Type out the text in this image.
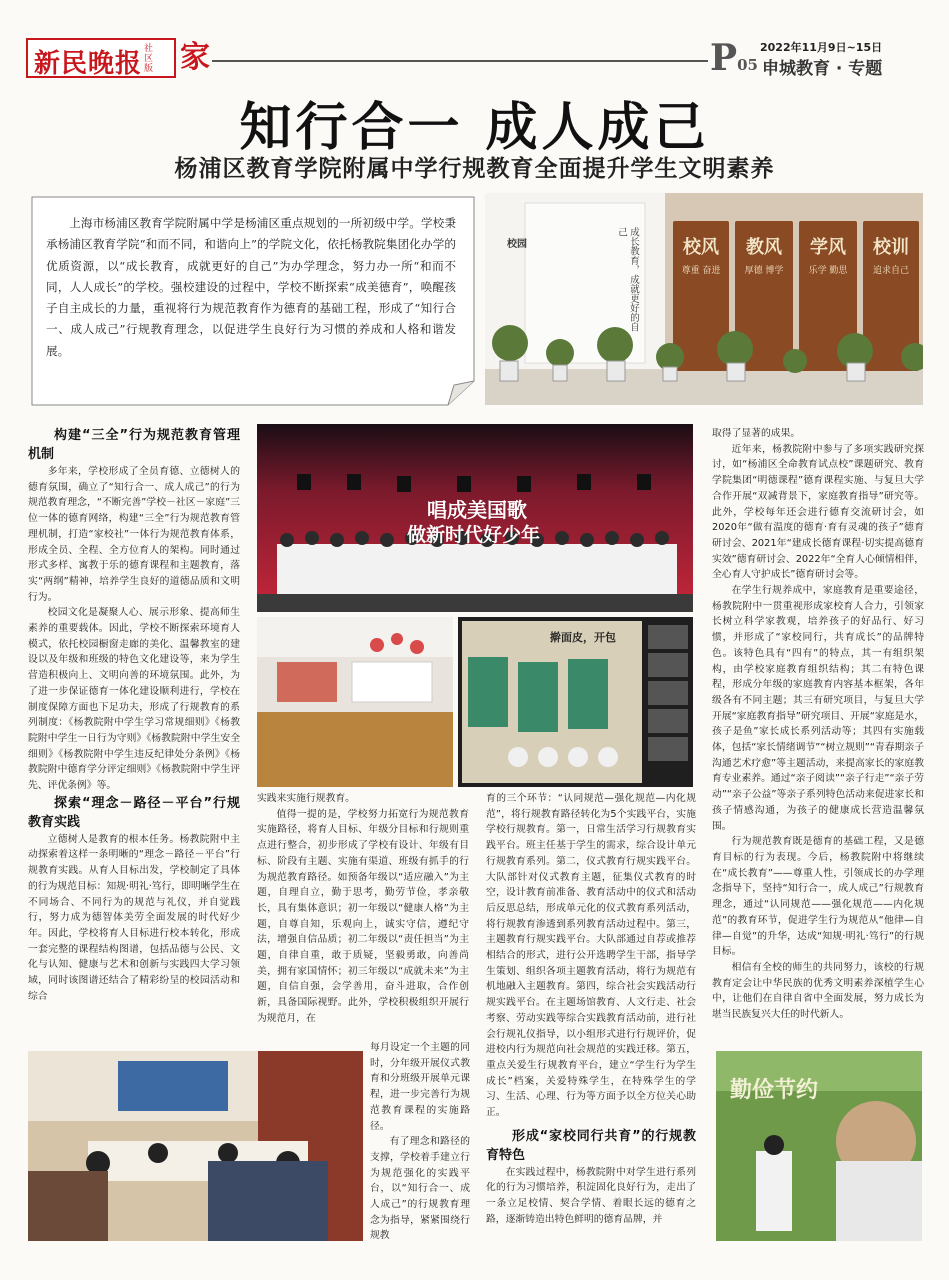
新民晚报 社区版 家	P05
2022年11月9日~15日
申城教育 · 专题
知行合一 成人成己
杨浦区教育学院附属中学行规教育全面提升学生文明素养
上海市杨浦区教育学院附属中学是杨浦区重点规划的一所初级中学。学校秉承杨浦区教育学院“和而不同，和谐向上”的学院文化，依托杨教院集团化办学的优质资源，以“成长教育，成就更好的自己”为办学理念，努力办一所“和而不同，人人成长”的学校。强校建设的过程中，学校不断探索“成美德育”，唤醒孩子自主成长的力量，重视将行为规范教育作为德育的基础工程，形成了“知行合一、成人成己”行规教育理念，以促进学生良好行为习惯的养成和人格和谐发展。
校园	成长教育，成就更好的自己
校风	教风	学风	校训
尊重 奋进	厚德 博学	乐学 勤思	追求自己
唱成美国歌
做新时代好少年
擀面皮，开包
勤俭节约
构建“三全”行为规范教育管理机制

多年来，学校形成了全员育德、立德树人的德育氛围，确立了“知行合一、成人成己”的行为规范教育理念，“不断完善”学校－社区－家庭”三位一体的德育网络，构建“三全”行为规范教育管理机制，打造“家校社”一体行为规范教育体系，形成全员、全程、全方位育人的架构。同时通过形式多样、寓教于乐的德育课程和主题教育，落实“两纲”精神，培养学生良好的道德品质和文明行为。

校园文化是凝聚人心、展示形象、提高师生素养的重要载体。因此，学校不断探索环境育人模式，依托校园橱窗走廊的美化、温馨教室的建设以及年级和班级的特色文化建设等，来为学生营造积极向上、文明向善的环境氛围。此外，为了进一步保证德育一体化建设顺利进行，学校在制度保障方面也下足功夫，形成了行规教育的系列制度：《杨教院附中学生学习常规细则》《杨教院附中学生一日行为守则》《杨教院附中学生安全细则》《杨教院附中学生违反纪律处分条例》《杨教院附中德育学分评定细则》《杨教院附中学生评先、评优条例》等。

探索“理念－路径－平台”行规教育实践

立德树人是教育的根本任务。杨教院附中主动探索着这样一条明晰的“理念－路径－平台”行规教育实践。从育人目标出发，学校制定了具体的行为规范目标：知规·明礼·笃行，即明晰学生在不同场合、不同行为的规范与礼仪，并自觉践行，努力成为德智体美劳全面发展的时代好少年。因此，学校将育人目标进行校本转化，形成一套完整的课程结构图谱，包括品德与公民、文化与认知、健康与艺术和创新与实践四大学习领域，同时该图谱还结合了精彩纷呈的校园活动和综合

实践来实施行规教育。

值得一提的是，学校努力拓宽行为规范教育实施路径，将育人目标、年级分目标和行规则重点进行整合，初步形成了学校有设计、年级有目标、阶段有主题、实施有渠道、班级有抓手的行为规范教育路径。如预备年级以“适应融入”为主题，自理自立，勤于思考，勤劳节俭，孝亲敬长，具有集体意识；初一年级以“健康人格”为主题，自尊自知，乐观向上，诚实守信，遵纪守法，增强自信品质；初二年级以“责任担当”为主题，自律自重，敢于质疑，坚毅勇敢，向善尚美，拥有家国情怀；初三年级以“成就未来”为主题，自信自强，会学善用，奋斗进取，合作创新，具备国际视野。此外，学校积极组织开展行为规范月，在

每月设定一个主题的同时，分年级开展仪式教育和分班级开展单元课程，进一步完善行为规范教育课程的实施路径。

有了理念和路径的支撑，学校着手建立行为规范强化的实践平台，以“知行合一、成人成己”的行规教育理念为指导，紧紧围绕行规教

育的三个环节：“认同规范—强化规范—内化规范”，将行规教育路径转化为5个实践平台，实施学校行规教育。第一，日常生活学习行规教育实践平台。班主任基于学生的需求，综合设计单元行规教育系列。第二，仪式教育行规实践平台。大队部针对仪式教育主题，征集仪式教育的时空，设计教育前准备、教育活动中的仪式和活动后反思总结，形成单元化的仪式教育系列活动，将行规教育渗透到系列教育活动过程中。第三，主题教育行规实践平台。大队部通过自荐或推荐相结合的形式，进行公开选聘学生干部，指导学生策划、组织各项主题教育活动，将行为规范有机地融入主题教育。第四，综合社会实践活动行规实践平台。在主题场馆教育、人文行走、社会考察、劳动实践等综合实践教育活动前，进行社会行规礼仪指导，以小组形式进行行规评价，促进校内行为规范向社会规范的实践迁移。第五，重点关爱生行规教育平台，建立“学生行为学生成长”档案，关爱特殊学生，在特殊学生的学习、生活、心理、行为等方面予以全方位关心助正。

形成“家校同行共育”的行规教育特色

在实践过程中，杨教院附中对学生进行系列化的行为习惯培养，积淀固化良好行为，走出了一条立足校情、契合学情、着眼长远的德育之路，逐渐铸造出特色鲜明的德育品牌，并

取得了显著的成果。

近年来，杨教院附中参与了多项实践研究探讨，如“杨浦区全命教育试点校”课题研究、教育学院集团“明德课程”德育课程实施、与复旦大学合作开展“双减背景下，家庭教育指导”研究等。此外，学校每年还会进行德育交流研讨会，如2020年“做有温度的德育·育有灵魂的孩子”德育研讨会、2021年“建成长德育课程·切实提高德育实效”德育研讨会、2022年“全育人心倾情相伴，全心育人守护成长”德育研讨会等。

在学生行规养成中，家庭教育是重要途径，杨教院附中一贯重视形成家校育人合力，引领家长树立科学家教观，培养孩子的好品行、好习惯，并形成了“家校同行，共育成长”的品牌特色。该特色具有“四有”的特点，其一有组织架构，由学校家庭教育组织结构；其二有特色课程，形成分年级的家庭教育内容基本框架，各年级各有不同主题；其三有研究项目，与复旦大学开展“家庭教育指导”研究项目、开展“家庭是水，孩子是鱼”家长成长系列活动等；其四有实施载体，包括“家长情绪调节”“树立规则”“青春期亲子沟通艺术疗愈”等主题活动，来提高家长的家庭教育专业素养。通过“亲子阅读”“亲子行走”“亲子劳动”“亲子公益”等亲子系列特色活动来促进家长和孩子情感沟通，为孩子的健康成长营造温馨氛围。

行为规范教育既是德育的基础工程，又是德育目标的行为表现。今后，杨教院附中将继续在“成长教育”——尊重人性，引领成长的办学理念指导下，坚持“知行合一，成人成己”行规教育理念，通过“认同规范——强化规范——内化规范”的教育环节，促进学生行为规范从“他律—自律—自觉”的升华，达成“知规·明礼·笃行”的行规目标。

相信有全校的师生的共同努力，该校的行规教育定会让中华民族的优秀文明素养深植学生心中，让他们在自律自省中全面发展，努力成长为堪当民族复兴大任的时代新人。
